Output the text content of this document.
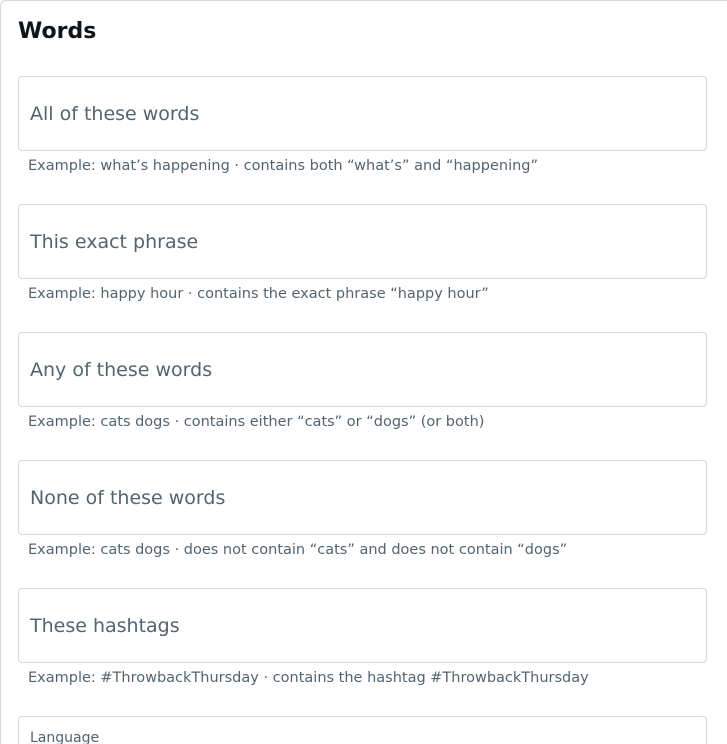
Words
All of these words

Example: what’s happening · contains both “what’s” and “happening”

This exact phrase

Example: happy hour · contains the exact phrase “happy hour”

Any of these words

Example: cats dogs · contains either “cats” or “dogs” (or both)

None of these words

Example: cats dogs · does not contain “cats” and does not contain “dogs”

These hashtags

Example: #ThrowbackThursday · contains the hashtag #ThrowbackThursday

Language
